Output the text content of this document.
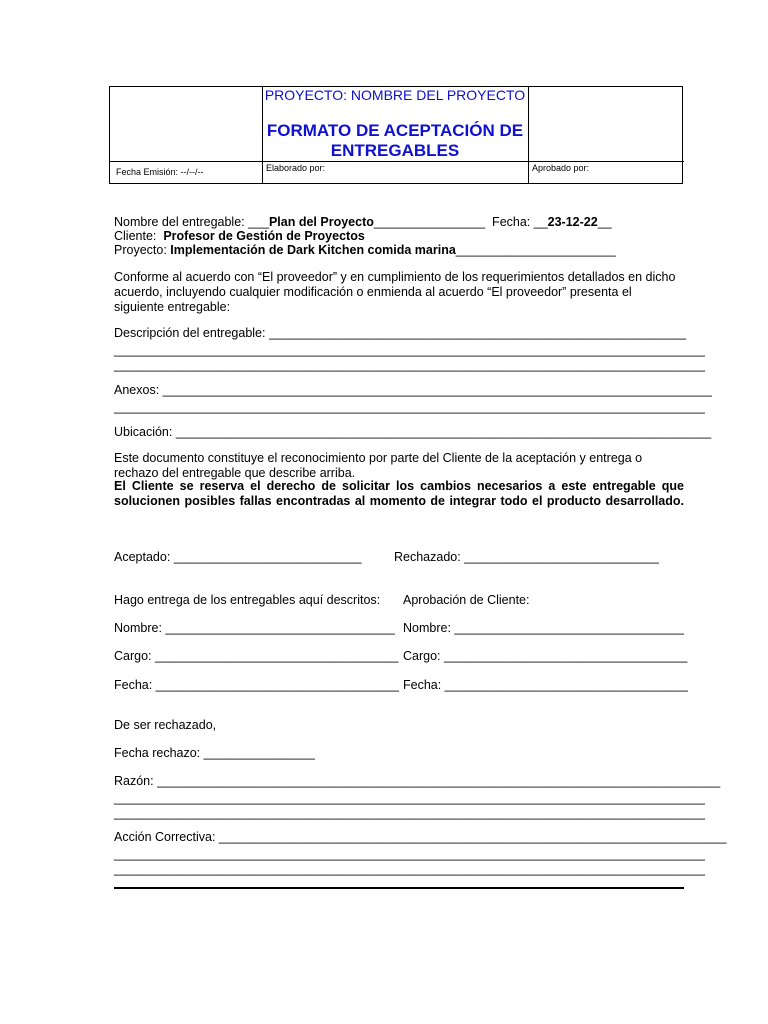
PROYECTO: NOMBRE DEL PROYECTO
FORMATO DE ACEPTACIÓN DE ENTREGABLES
Fecha Emisión: --/--/--	Elaborado por:	Aprobado por:
Nombre del entregable: ___Plan del Proyecto________________  Fecha: __23-12-22__
Cliente:  Profesor de Gestión de Proyectos
Proyecto: Implementación de Dark Kitchen comida marina_______________________
Conforme al acuerdo con “El proveedor” y en cumplimiento de los requerimientos detallados en dicho acuerdo, incluyendo cualquier modificación o enmienda al acuerdo “El proveedor” presenta el siguiente entregable:
Descripción del entregable: ____________________________________________________________
_____________________________________________________________________________________
_____________________________________________________________________________________
Anexos: _______________________________________________________________________________
_____________________________________________________________________________________
Ubicación: _____________________________________________________________________________
Este documento constituye el reconocimiento por parte del Cliente de la aceptación y entrega o rechazo del entregable que describe arriba.
El Cliente se reserva el derecho de solicitar los cambios necesarios a este entregable que solucionen posibles fallas encontradas al momento de integrar todo el producto desarrollado.
Aceptado: ___________________________	Rechazado: ____________________________
Hago entrega de los entregables aquí descritos: Aprobación de Cliente:
Nombre: _________________________________ Nombre: _________________________________
Cargo: ___________________________________ Cargo: ___________________________________
Fecha: ___________________________________ Fecha: ___________________________________
De ser rechazado,
Fecha rechazo: ________________
Razón: _________________________________________________________________________________
_____________________________________________________________________________________
_____________________________________________________________________________________
Acción Correctiva: _________________________________________________________________________
_____________________________________________________________________________________
_____________________________________________________________________________________
